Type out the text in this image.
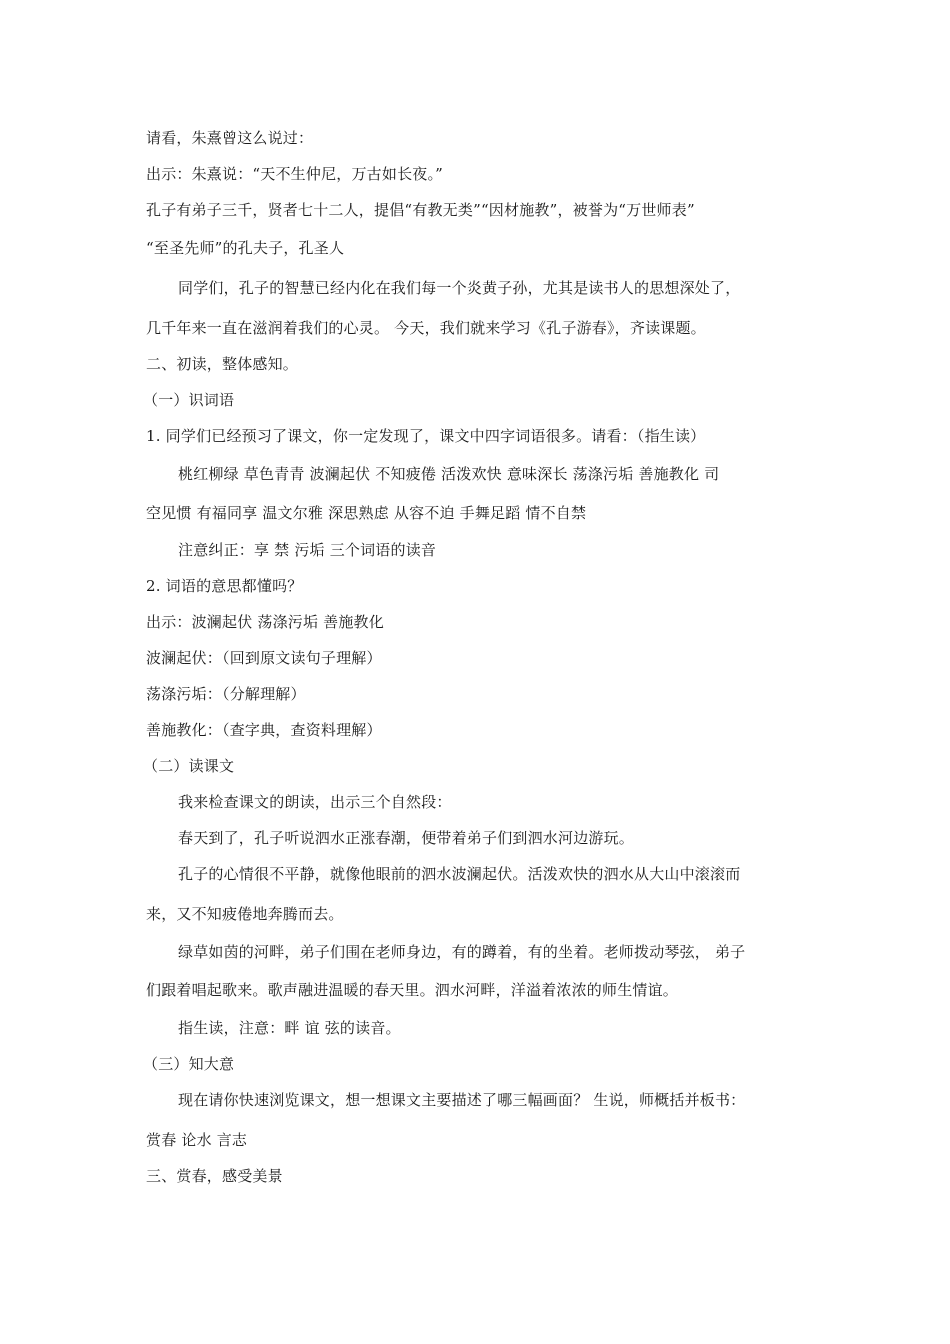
请看，朱熹曾这么说过：
出示：朱熹说：“天不生仲尼，万古如长夜。”
孔子有弟子三千，贤者七十二人，提倡“有教无类”“因材施教”，被誉为“万世师表”
“至圣先师”的孔夫子，孔圣人
同学们，孔子的智慧已经内化在我们每一个炎黄子孙，尤其是读书人的思想深处了，
几千年来一直在滋润着我们的心灵。 今天，我们就来学习《孔子游春》，齐读课题。
二、初读，整体感知。
（一）识词语
1. 同学们已经预习了课文，你一定发现了，课文中四字词语很多。请看：（指生读）
桃红柳绿 草色青青 波澜起伏 不知疲倦 活泼欢快 意味深长 荡涤污垢 善施教化 司
空见惯 有福同享 温文尔雅 深思熟虑 从容不迫 手舞足蹈 情不自禁
注意纠正：享 禁 污垢 三个词语的读音
2. 词语的意思都懂吗？
出示：波澜起伏 荡涤污垢 善施教化
波澜起伏：（回到原文读句子理解）
荡涤污垢：（分解理解）
善施教化：（查字典，查资料理解）
（二）读课文
我来检查课文的朗读，出示三个自然段：
春天到了，孔子听说泗水正涨春潮，便带着弟子们到泗水河边游玩。
孔子的心情很不平静，就像他眼前的泗水波澜起伏。活泼欢快的泗水从大山中滚滚而
来，又不知疲倦地奔腾而去。
绿草如茵的河畔，弟子们围在老师身边，有的蹲着，有的坐着。老师拨动琴弦， 弟子
们跟着唱起歌来。歌声融进温暖的春天里。泗水河畔，洋溢着浓浓的师生情谊。
指生读，注意：畔 谊 弦的读音。
（三）知大意
现在请你快速浏览课文，想一想课文主要描述了哪三幅画面？ 生说，师概括并板书：
赏春 论水 言志
三、赏春，感受美景
